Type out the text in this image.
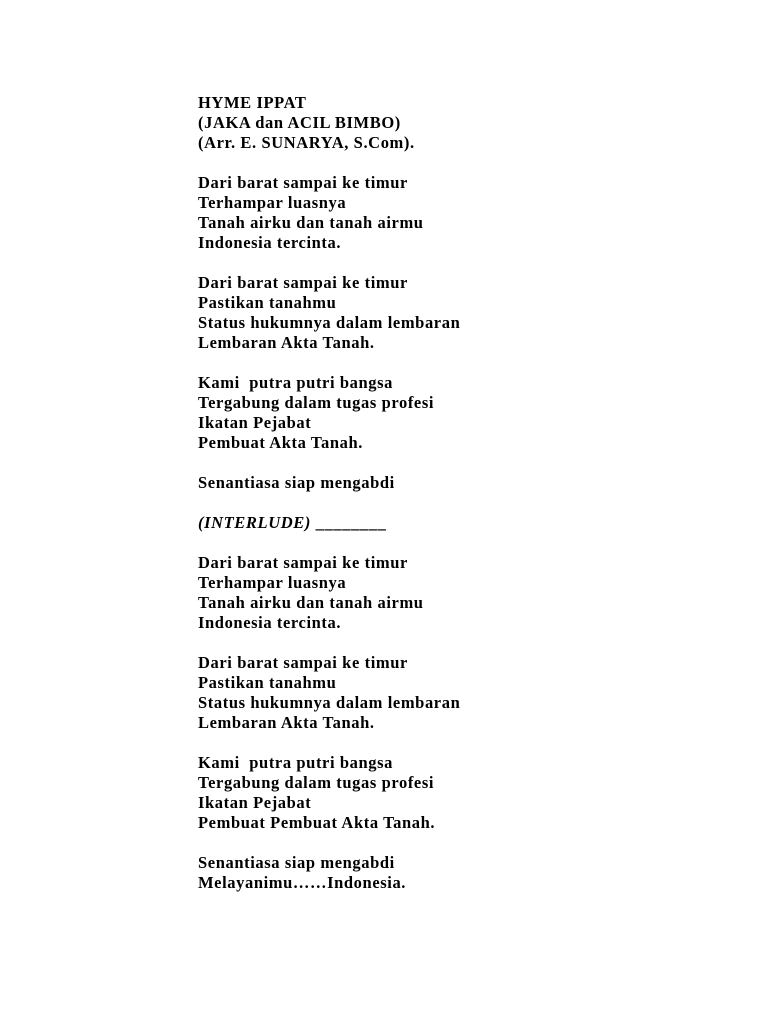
HYME IPPAT
(JAKA dan ACIL BIMBO)
(Arr. E. SUNARYA, S.Com).
Dari barat sampai ke timur
Terhampar luasnya
Tanah airku dan tanah airmu
Indonesia tercinta.
Dari barat sampai ke timur
Pastikan tanahmu
Status hukumnya dalam lembaran
Lembaran Akta Tanah.
Kami  putra putri bangsa
Tergabung dalam tugas profesi
Ikatan Pejabat
Pembuat Akta Tanah.
Senantiasa siap mengabdi
(INTERLUDE) ________
Dari barat sampai ke timur
Terhampar luasnya
Tanah airku dan tanah airmu
Indonesia tercinta.
Dari barat sampai ke timur
Pastikan tanahmu
Status hukumnya dalam lembaran
Lembaran Akta Tanah.
Kami  putra putri bangsa
Tergabung dalam tugas profesi
Ikatan Pejabat
Pembuat Pembuat Akta Tanah.
Senantiasa siap mengabdi
Melayanimu……Indonesia.
